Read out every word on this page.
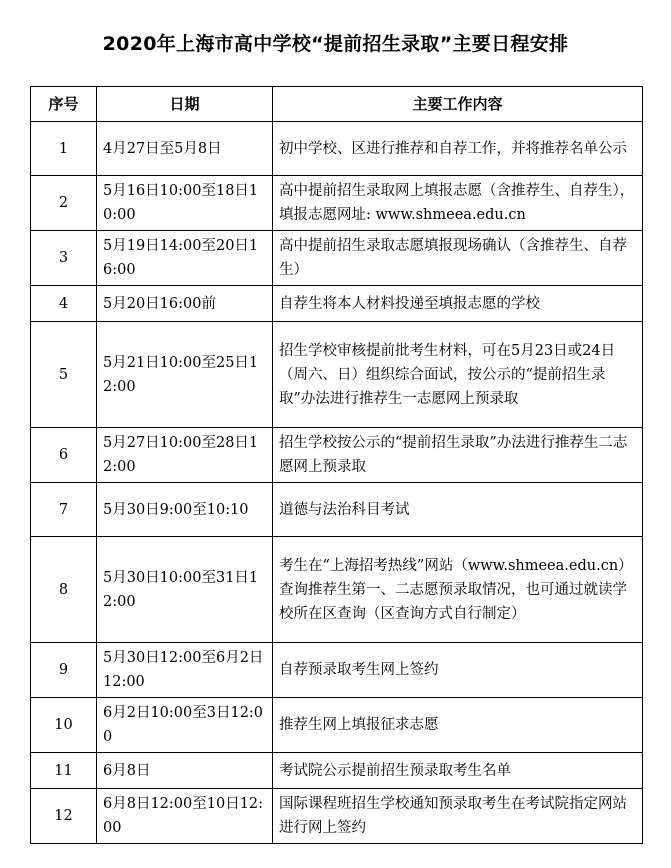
2020年上海市高中学校“提前招生录取”主要日程安排
序号	日期	主要工作内容
1	4月27日至5月8日	初中学校、区进行推荐和自荐工作，并将推荐名单公示
2	5月16日10:00至18日10:00	高中提前招生录取网上填报志愿（含推荐生、自荐生），填报志愿网址: www.shmeea.edu.cn
3	5月19日14:00至20日16:00	高中提前招生录取志愿填报现场确认（含推荐生、自荐生）
4	5月20日16:00前	自荐生将本人材料投递至填报志愿的学校
5	5月21日10:00至25日12:00	招生学校审核提前批考生材料，可在5月23日或24日（周六、日）组织综合面试，按公示的“提前招生录取”办法进行推荐生一志愿网上预录取
6	5月27日10:00至28日12:00	招生学校按公示的“提前招生录取”办法进行推荐生二志愿网上预录取
7	5月30日9:00至10:10	道德与法治科目考试
8	5月30日10:00至31日12:00	考生在“上海招考热线”网站（www.shmeea.edu.cn）查询推荐生第一、二志愿预录取情况，也可通过就读学校所在区查询（区查询方式自行制定）
9	5月30日12:00至6月2日12:00	自荐预录取考生网上签约
10	6月2日10:00至3日12:00	推荐生网上填报征求志愿
11	6月8日	考试院公示提前招生预录取考生名单
12	6月8日12:00至10日12:00	国际课程班招生学校通知预录取考生在考试院指定网站进行网上签约
